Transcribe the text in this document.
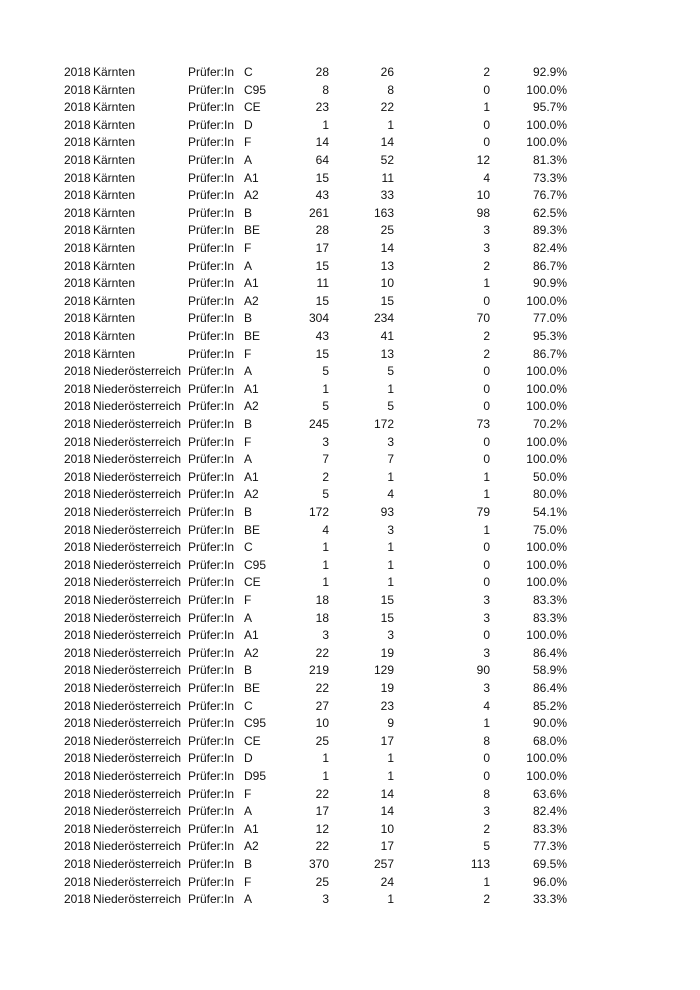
2018 Kärnten	Prüfer:In C	28	26	2	92.9%
2018 Kärnten	Prüfer:In C95	8	8	0	100.0%
2018 Kärnten	Prüfer:In CE	23	22	1	95.7%
2018 Kärnten	Prüfer:In D	1	1	0	100.0%
2018 Kärnten	Prüfer:In F	14	14	0	100.0%
2018 Kärnten	Prüfer:In A	64	52	12	81.3%
2018 Kärnten	Prüfer:In A1	15	11	4	73.3%
2018 Kärnten	Prüfer:In A2	43	33	10	76.7%
2018 Kärnten	Prüfer:In B	261	163	98	62.5%
2018 Kärnten	Prüfer:In BE	28	25	3	89.3%
2018 Kärnten	Prüfer:In F	17	14	3	82.4%
2018 Kärnten	Prüfer:In A	15	13	2	86.7%
2018 Kärnten	Prüfer:In A1	11	10	1	90.9%
2018 Kärnten	Prüfer:In A2	15	15	0	100.0%
2018 Kärnten	Prüfer:In B	304	234	70	77.0%
2018 Kärnten	Prüfer:In BE	43	41	2	95.3%
2018 Kärnten	Prüfer:In F	15	13	2	86.7%
2018 Niederösterreich Prüfer:In A	5	5	0	100.0%
2018 Niederösterreich Prüfer:In A1	1	1	0	100.0%
2018 Niederösterreich Prüfer:In A2	5	5	0	100.0%
2018 Niederösterreich Prüfer:In B	245	172	73	70.2%
2018 Niederösterreich Prüfer:In F	3	3	0	100.0%
2018 Niederösterreich Prüfer:In A	7	7	0	100.0%
2018 Niederösterreich Prüfer:In A1	2	1	1	50.0%
2018 Niederösterreich Prüfer:In A2	5	4	1	80.0%
2018 Niederösterreich Prüfer:In B	172	93	79	54.1%
2018 Niederösterreich Prüfer:In BE	4	3	1	75.0%
2018 Niederösterreich Prüfer:In C	1	1	0	100.0%
2018 Niederösterreich Prüfer:In C95	1	1	0	100.0%
2018 Niederösterreich Prüfer:In CE	1	1	0	100.0%
2018 Niederösterreich Prüfer:In F	18	15	3	83.3%
2018 Niederösterreich Prüfer:In A	18	15	3	83.3%
2018 Niederösterreich Prüfer:In A1	3	3	0	100.0%
2018 Niederösterreich Prüfer:In A2	22	19	3	86.4%
2018 Niederösterreich Prüfer:In B	219	129	90	58.9%
2018 Niederösterreich Prüfer:In BE	22	19	3	86.4%
2018 Niederösterreich Prüfer:In C	27	23	4	85.2%
2018 Niederösterreich Prüfer:In C95	10	9	1	90.0%
2018 Niederösterreich Prüfer:In CE	25	17	8	68.0%
2018 Niederösterreich Prüfer:In D	1	1	0	100.0%
2018 Niederösterreich Prüfer:In D95	1	1	0	100.0%
2018 Niederösterreich Prüfer:In F	22	14	8	63.6%
2018 Niederösterreich Prüfer:In A	17	14	3	82.4%
2018 Niederösterreich Prüfer:In A1	12	10	2	83.3%
2018 Niederösterreich Prüfer:In A2	22	17	5	77.3%
2018 Niederösterreich Prüfer:In B	370	257	113	69.5%
2018 Niederösterreich Prüfer:In F	25	24	1	96.0%
2018 Niederösterreich Prüfer:In A	3	1	2	33.3%
